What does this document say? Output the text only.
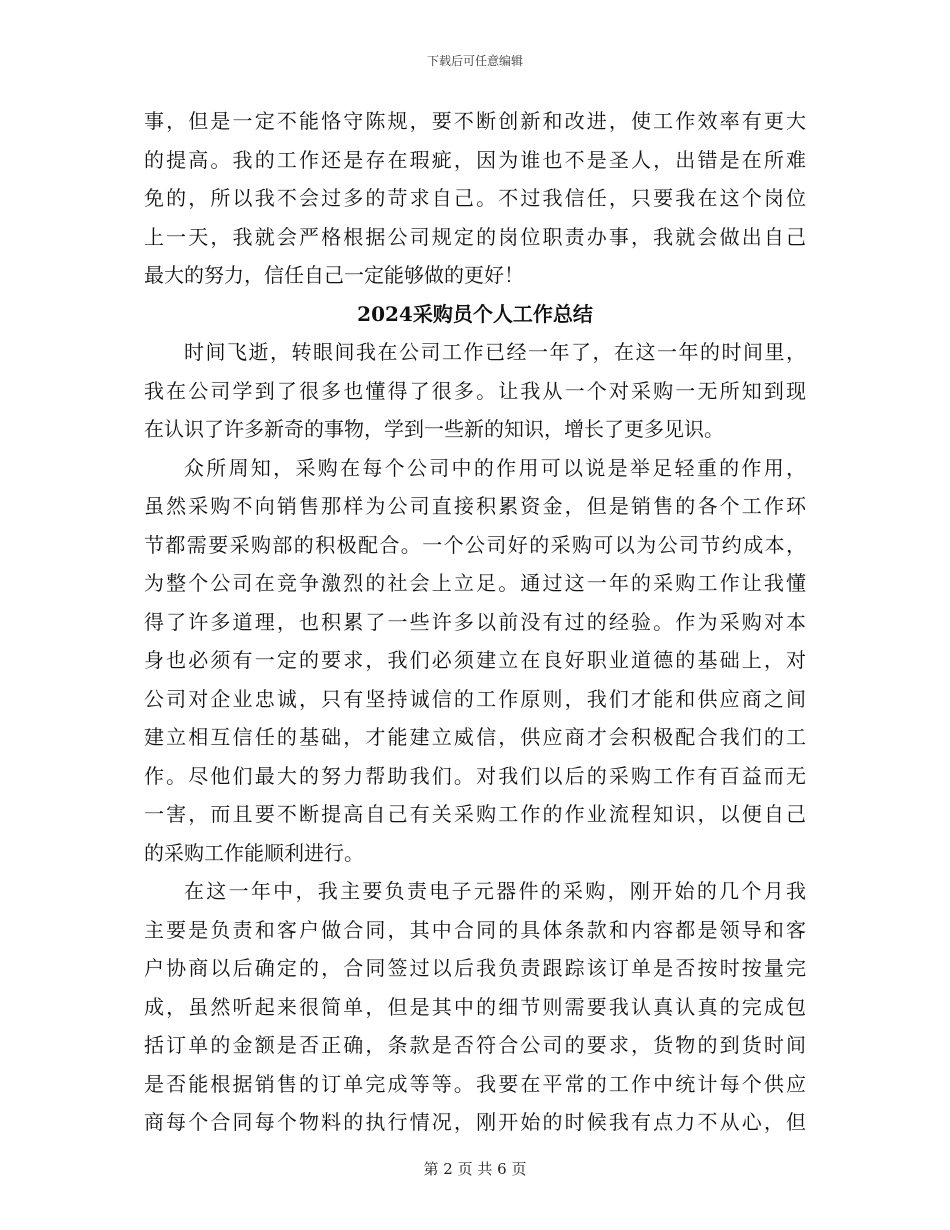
下载后可任意编辑
事，但是一定不能恪守陈规，要不断创新和改进，使工作效率有更大
的提高。我的工作还是存在瑕疵，因为谁也不是圣人，出错是在所难
免的，所以我不会过多的苛求自己。不过我信任，只要我在这个岗位
上一天，我就会严格根据公司规定的岗位职责办事，我就会做出自己
最大的努力，信任自己一定能够做的更好！
2024采购员个人工作总结
时间飞逝，转眼间我在公司工作已经一年了，在这一年的时间里，
我在公司学到了很多也懂得了很多。让我从一个对采购一无所知到现
在认识了许多新奇的事物，学到一些新的知识，增长了更多见识。
众所周知，采购在每个公司中的作用可以说是举足轻重的作用，
虽然采购不向销售那样为公司直接积累资金，但是销售的各个工作环
节都需要采购部的积极配合。一个公司好的采购可以为公司节约成本，
为整个公司在竞争激烈的社会上立足。通过这一年的采购工作让我懂
得了许多道理，也积累了一些许多以前没有过的经验。作为采购对本
身也必须有一定的要求，我们必须建立在良好职业道德的基础上，对
公司对企业忠诚，只有坚持诚信的工作原则，我们才能和供应商之间
建立相互信任的基础，才能建立威信，供应商才会积极配合我们的工
作。尽他们最大的努力帮助我们。对我们以后的采购工作有百益而无
一害，而且要不断提高自己有关采购工作的作业流程知识，以便自己
的采购工作能顺利进行。
在这一年中，我主要负责电子元器件的采购，刚开始的几个月我
主要是负责和客户做合同，其中合同的具体条款和内容都是领导和客
户协商以后确定的，合同签过以后我负责跟踪该订单是否按时按量完
成，虽然听起来很简单，但是其中的细节则需要我认真认真的完成包
括订单的金额是否正确，条款是否符合公司的要求，货物的到货时间
是否能根据销售的订单完成等等。我要在平常的工作中统计每个供应
商每个合同每个物料的执行情况，刚开始的时候我有点力不从心，但
第 2 页 共 6 页
